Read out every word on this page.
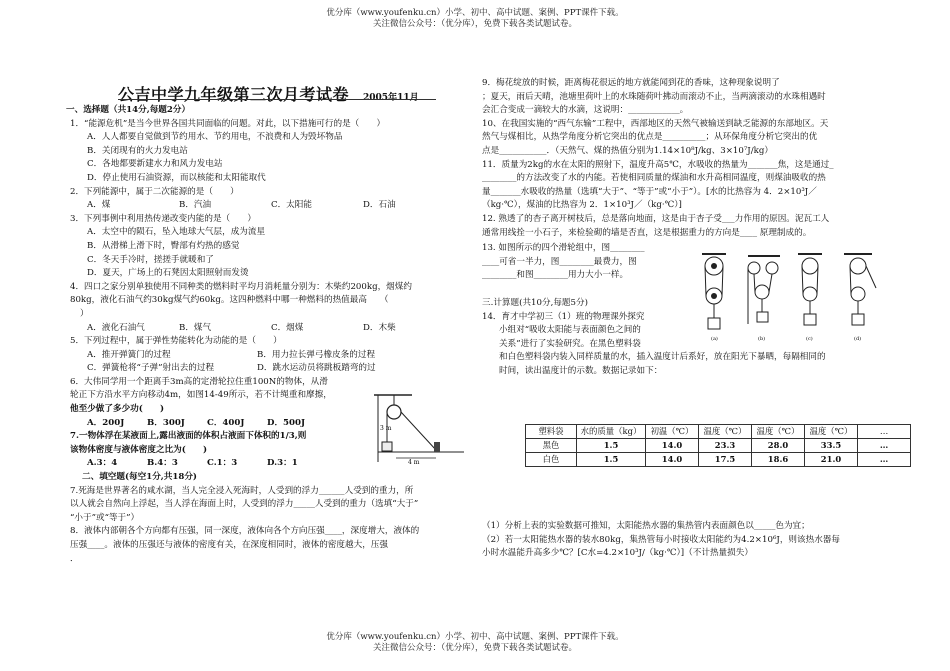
优分库（www.youfenku.cn）小学、初中、高中试题、案例、PPT课件下载。
关注微信公众号：（优分库），免费下载各类试题试卷。
优分库（www.youfenku.cn）小学、初中、高中试题、案例、PPT课件下载。
关注微信公众号：（优分库），免费下载各类试题试卷。
公吉中学九年级第三次月考试卷 2005年11月

一、选择题（共14分,每题2分）

1．“能源危机”是当今世界各国共同面临的问题。对此，以下措施可行的是（　　）

A．人人都要自觉做到节约用水、节约用电，不浪费和人为毁坏物品

B．关闭现有的火力发电站

C．各地都要新建水力和风力发电站

D．停止使用石油资源，而以核能和太阳能取代

2．下列能源中，属于二次能源的是（　　）

A．煤	B．汽油	C．太阳能	D．石油

3．下列事例中利用热传递改变内能的是（　　）

A．太空中的陨石，坠入地球大气层，成为流星

B．从滑梯上滑下时，臀部有灼热的感觉

C．冬天手冷时，搓搓手就暖和了

D．夏天，广场上的石凳因太阳照射而发烫

4．四口之家分别单独使用不同种类的燃料时平均月消耗量分别为：木柴约200kg，烟煤约

80kg，液化石油气约30kg煤气约60kg。这四种燃料中哪一种燃料的热值最高　　（

）

A．液化石油气	B．煤气	C．烟煤	D．木柴

5．下列过程中，属于弹性势能转化为动能的是（　　）

A．推开弹簧门的过程	B．用力拉长弹弓橡皮条的过程

C．弹簧枪将“子弹”射出去的过程	D．跳水运动员将跳板踏弯的过

6．大伟同学用一个距离手3m高的定滑轮拉住重100N的物体，从滑

轮正下方沿水平方向移动4m，如图14-49所示，若不计绳重和摩擦，

他至少做了多少功(　　)

A．200J	B．300J	C．400J	D．500J

7.一物体浮在某液面上,露出液面的体积占液面下体积的1/3,则

该物体密度与液体密度之比为(　　)

A.3：4	B.4：3	C.1：3	D.3：1

二、填空题(每空1分,共18分)

7.死海是世界著名的咸水湖，当人完全浸入死海时，人受到的浮力______人受到的重力，所

以人就会自然向上浮起，当人浮在海面上时，人受到的浮力_____人受到的重力（选填“大于”

“小于”或“等于”）

8．液体内部朝各个方向都有压强，同一深度，液体向各个方向压强____，深度增大，液体的

压强____。液体的压强还与液体的密度有关，在深度相同时，液体的密度越大，压强

．

4 m
3 m

9．梅花绽放的时候，距离梅花很远的地方就能闻到花的香味，这种现象说明了

；夏天，雨后天晴，池塘里荷叶上的水珠随荷叶拂动而滚动不止，当两滴滚动的水珠相遇时

会汇合变成一滴较大的水滴，这说明：____________。

10、在我国实施的“西气东输”工程中，西部地区的天然气被输送到缺乏能源的东部地区。天

然气与煤相比，从热学角度分析它突出的优点是__________；从环保角度分析它突出的优

点是___________．（天然气、煤的热值分别为1.14×10⁸J/kg、3×10⁷J/kg）

11．质量为2kg的水在太阳的照射下，温度升高5℃，水吸收的热量为_______焦，这是通过_

________的方法改变了水的内能。若使相同质量的煤油和水升高相同温度，则煤油吸收的热

量_______水吸收的热量（选填“大于”、“等于”或“小于”）。[水的比热容为 4．2×10³J／

（kg·℃），煤油的比热容为 2．1×10³J／（kg·℃）]

12. 熟透了的杏子离开树枝后，总是落向地面，这是由于杏子受___力作用的原因。泥瓦工人

通常用线拴一小石子，来检验砌的墙是否直，这是根据重力的方向是____ 原理制成的。

13. 如图所示的四个滑轮组中，图________

____可省一半力，图________最费力，图

________和图________用力大小一样。

三.计算题(共10分,每题5分)

14．育才中学初三（1）班的物理课外探究

小组对“吸收太阳能与表面颜色之间的

关系”进行了实验研究。在黑色塑料袋

和白色塑料袋内装入同样质量的水，插入温度计后系好，放在阳光下暴晒，每隔相同的

时间，读出温度计的示数。数据记录如下：

(a)	(b)	(c)	(d)
塑料袋	水的质量（kg）	初温（℃）	温度（℃）	温度（℃）	温度（℃）	…
黑色	1.5	14.0	23.3	28.0	33.5	…
白色	1.5	14.0	17.5	18.6	21.0	…

（1）分析上表的实验数据可推知，太阳能热水器的集热管内表面颜色以_____色为宜；

（2）若一太阳能热水器的装水80kg，集热管每小时接收太阳能约为4.2×10⁶J，则该热水器每

小时水温能升高多少℃？[C水=4.2×10³J/（kg·℃）]（不计热量损失）
